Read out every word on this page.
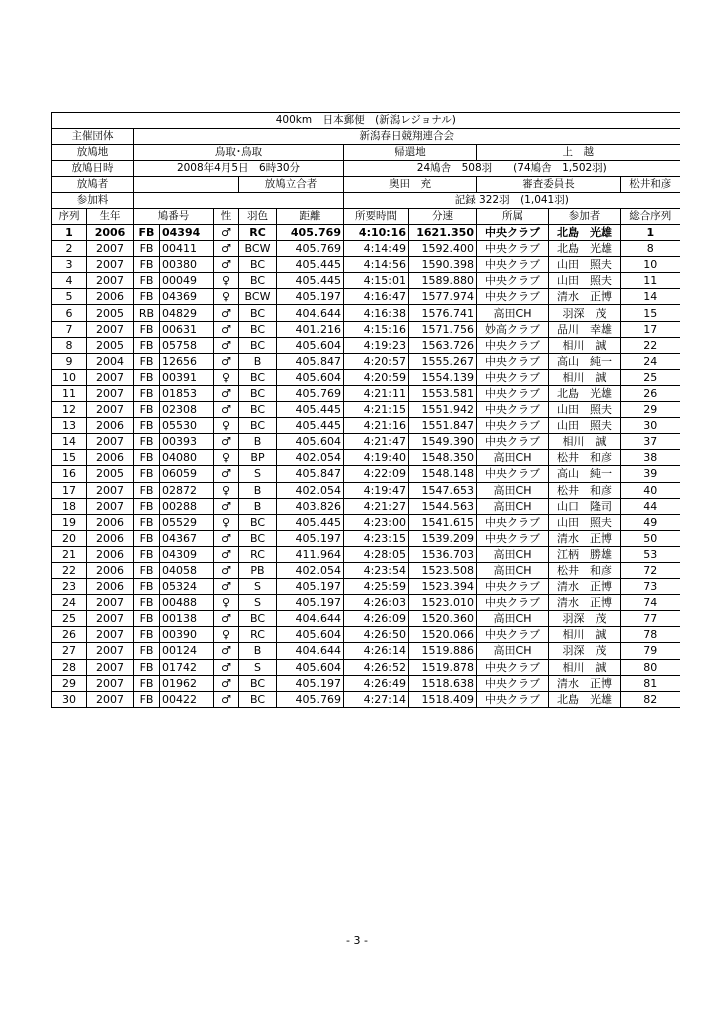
400km　日本郵便　(新潟レジョナル)											
主催団体		新潟春日競翔連合会									
放鳩地		鳥取･鳥取					帰還地		上　越		
放鳩日時		2008年4月5日　6時30分					24鳩舎　508羽　　(74鳩舎　1,502羽)				
放鳩者					放鳩立合者		奥田　充		審査委員長		松井和彦
参加料							記録 322羽　(1,041羽)				
序列	生年	鳩番号		性	羽色	距離	所要時間	分速	所属	参加者	総合序列
1	2006	FB	04394	♂	RC	405.769	4:10:16	1621.350	中央クラブ	北島　光雄	1
2	2007	FB	00411	♂	BCW	405.769	4:14:49	1592.400	中央クラブ	北島　光雄	8
3	2007	FB	00380	♂	BC	405.445	4:14:56	1590.398	中央クラブ	山田　照夫	10
4	2007	FB	00049	♀	BC	405.445	4:15:01	1589.880	中央クラブ	山田　照夫	11
5	2006	FB	04369	♀	BCW	405.197	4:16:47	1577.974	中央クラブ	清水　正博	14
6	2005	RB	04829	♂	BC	404.644	4:16:38	1576.741	高田CH	羽深　茂	15
7	2007	FB	00631	♂	BC	401.216	4:15:16	1571.756	妙高クラブ	品川　幸雄	17
8	2005	FB	05758	♂	BC	405.604	4:19:23	1563.726	中央クラブ	相川　誠	22
9	2004	FB	12656	♂	B	405.847	4:20:57	1555.267	中央クラブ	高山　純一	24
10	2007	FB	00391	♀	BC	405.604	4:20:59	1554.139	中央クラブ	相川　誠	25
11	2007	FB	01853	♂	BC	405.769	4:21:11	1553.581	中央クラブ	北島　光雄	26
12	2007	FB	02308	♂	BC	405.445	4:21:15	1551.942	中央クラブ	山田　照夫	29
13	2006	FB	05530	♀	BC	405.445	4:21:16	1551.847	中央クラブ	山田　照夫	30
14	2007	FB	00393	♂	B	405.604	4:21:47	1549.390	中央クラブ	相川　誠	37
15	2006	FB	04080	♀	BP	402.054	4:19:40	1548.350	高田CH	松井　和彦	38
16	2005	FB	06059	♂	S	405.847	4:22:09	1548.148	中央クラブ	高山　純一	39
17	2007	FB	02872	♀	B	402.054	4:19:47	1547.653	高田CH	松井　和彦	40
18	2007	FB	00288	♂	B	403.826	4:21:27	1544.563	高田CH	山口　隆司	44
19	2006	FB	05529	♀	BC	405.445	4:23:00	1541.615	中央クラブ	山田　照夫	49
20	2006	FB	04367	♂	BC	405.197	4:23:15	1539.209	中央クラブ	清水　正博	50
21	2006	FB	04309	♂	RC	411.964	4:28:05	1536.703	高田CH	江柄　勝雄	53
22	2006	FB	04058	♂	PB	402.054	4:23:54	1523.508	高田CH	松井　和彦	72
23	2006	FB	05324	♂	S	405.197	4:25:59	1523.394	中央クラブ	清水　正博	73
24	2007	FB	00488	♀	S	405.197	4:26:03	1523.010	中央クラブ	清水　正博	74
25	2007	FB	00138	♂	BC	404.644	4:26:09	1520.360	高田CH	羽深　茂	77
26	2007	FB	00390	♀	RC	405.604	4:26:50	1520.066	中央クラブ	相川　誠	78
27	2007	FB	00124	♂	B	404.644	4:26:14	1519.886	高田CH	羽深　茂	79
28	2007	FB	01742	♂	S	405.604	4:26:52	1519.878	中央クラブ	相川　誠	80
29	2007	FB	01962	♂	BC	405.197	4:26:49	1518.638	中央クラブ	清水　正博	81
30	2007	FB	00422	♂	BC	405.769	4:27:14	1518.409	中央クラブ	北島　光雄	82
- 3 -
